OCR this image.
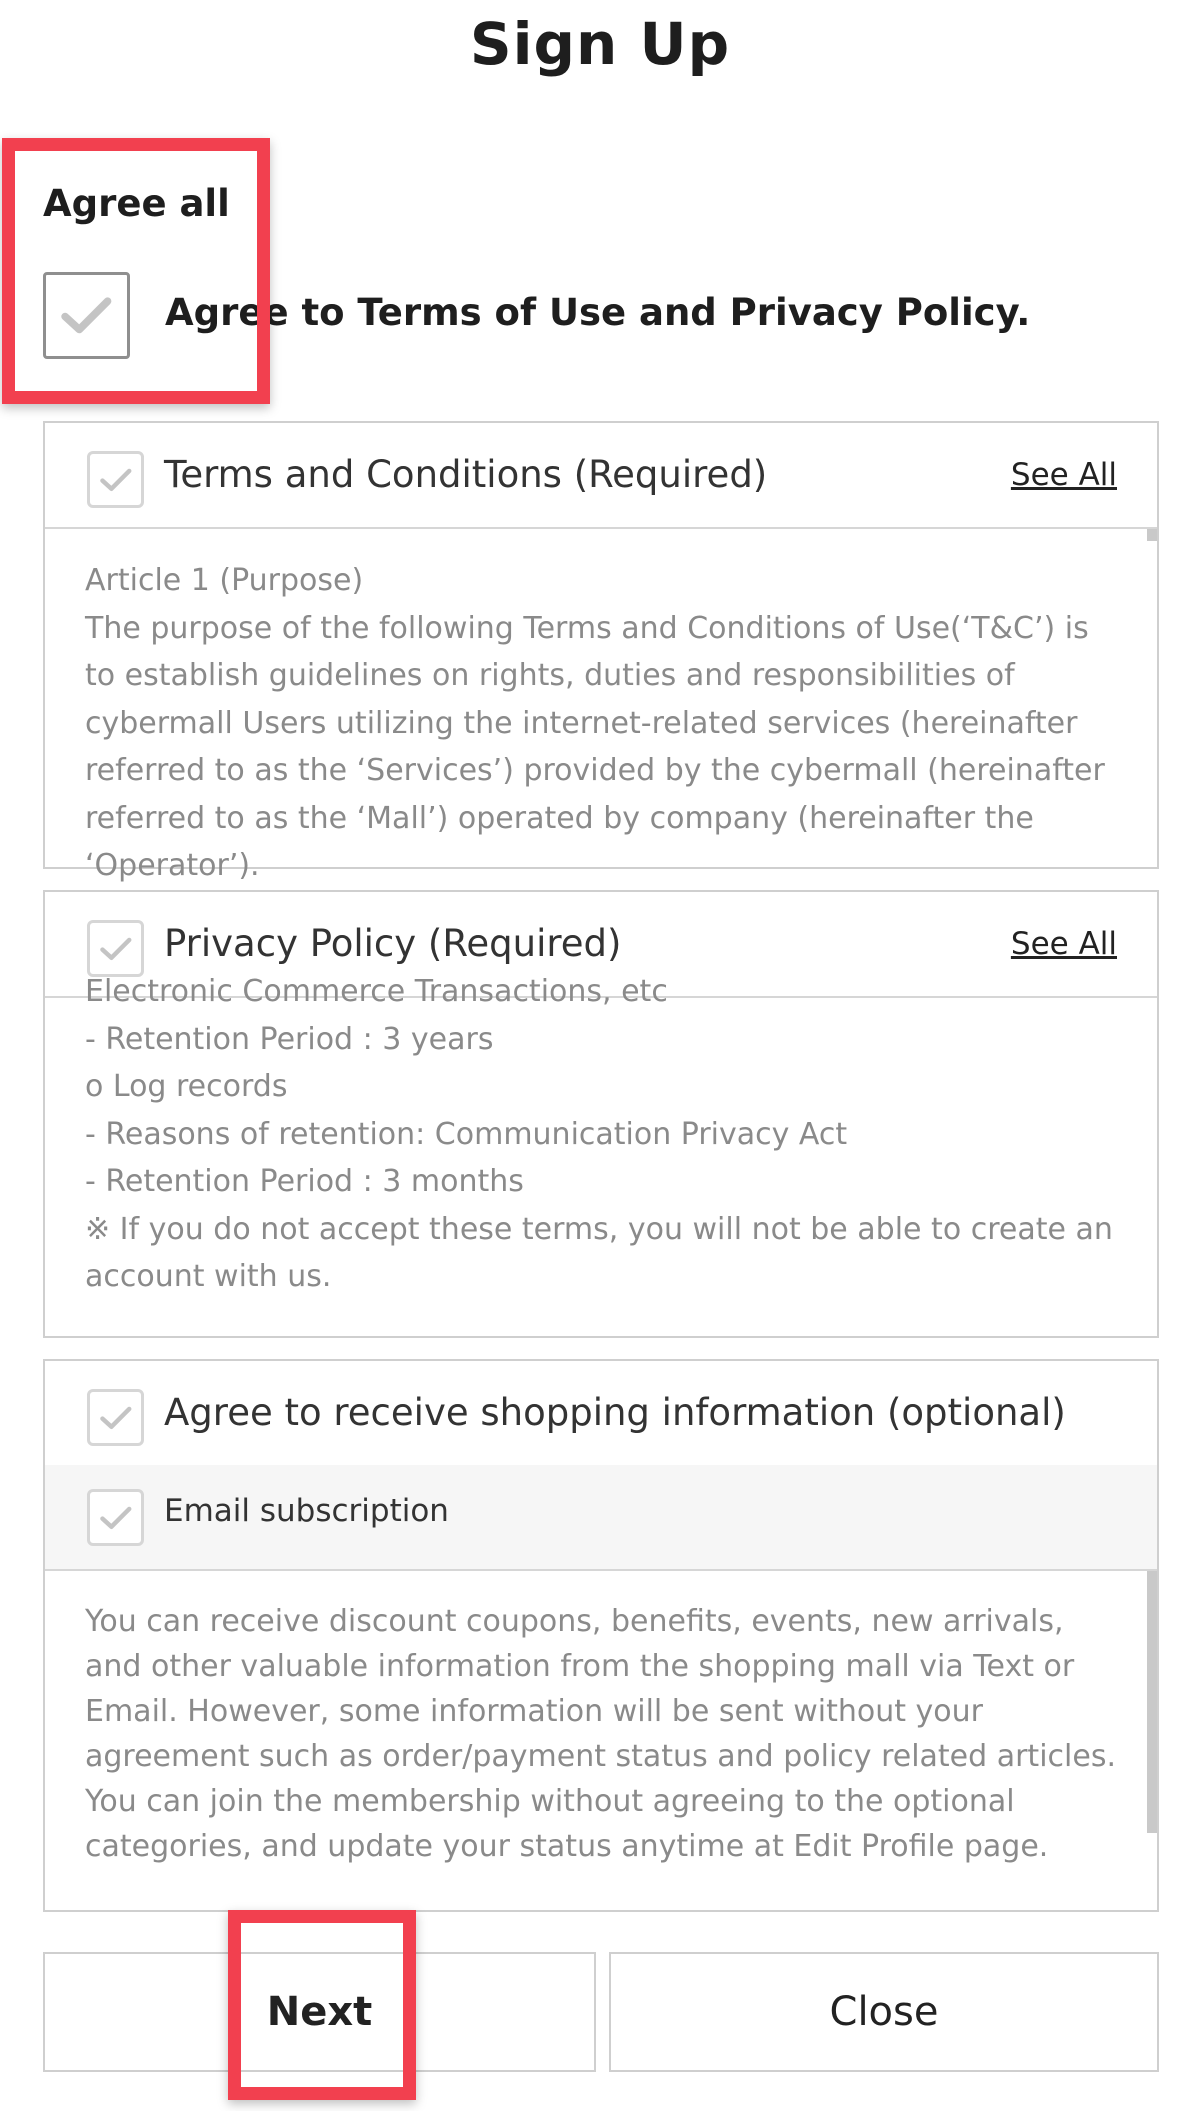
Sign Up
Agree all
Agree to Terms of Use and Privacy Policy.
Terms and Conditions (Required)	See All

Article 1 (Purpose)

The purpose of the following Terms and Conditions of Use(‘T&C’) is to establish guidelines on rights, duties and responsibilities of cybermall Users utilizing the internet-related services (hereinafter referred to as the ‘Services’) provided by the cybermall (hereinafter referred to as the ‘Mall’) operated by company (hereinafter the ‘Operator’).

Privacy Policy (Required)	See All

Electronic Commerce Transactions, etc

- Retention Period : 3 years

o Log records

- Reasons of retention: Communication Privacy Act

- Retention Period : 3 months

※ If you do not accept these terms, you will not be able to create an account with us.

Agree to receive shopping information (optional)
Email subscription

You can receive discount coupons, benefits, events, new arrivals, and other valuable information from the shopping mall via Text or Email. However, some information will be sent without your agreement such as order/payment status and policy related articles.

You can join the membership without agreeing to the optional categories, and update your status anytime at Edit Profile page.

Next	Close
